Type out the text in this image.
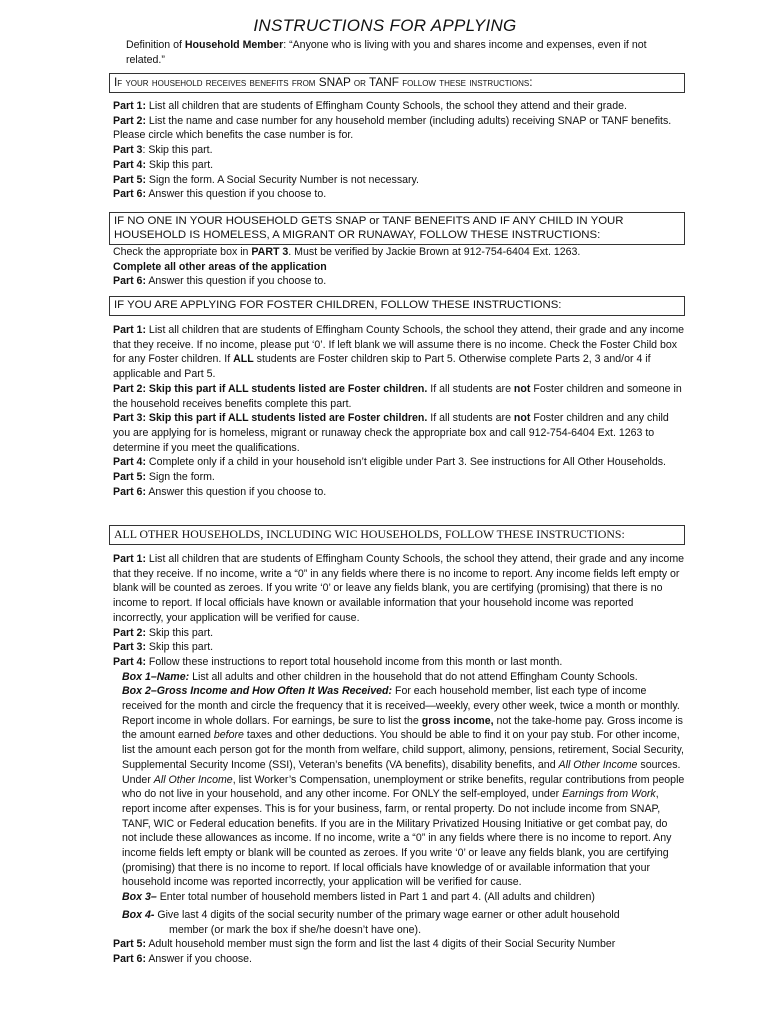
INSTRUCTIONS FOR APPLYING
Definition of Household Member: “Anyone who is living with you and shares income and expenses, even if not related.”
If your household receives benefits from SNAP or TANF follow these instructions:

Part 1: List all children that are students of Effingham County Schools, the school they attend and their grade.

Part 2: List the name and case number for any household member (including adults) receiving SNAP or TANF benefits. Please circle which benefits the case number is for.

Part 3: Skip this part.

Part 4: Skip this part.

Part 5: Sign the form. A Social Security Number is not necessary.

Part 6: Answer this question if you choose to.

IF NO ONE IN YOUR HOUSEHOLD GETS SNAP or TANF BENEFITS AND IF ANY CHILD IN YOUR HOUSEHOLD IS HOMELESS, A MIGRANT OR RUNAWAY, FOLLOW THESE INSTRUCTIONS:

Check the appropriate box in PART 3. Must be verified by Jackie Brown at 912-754-6404 Ext. 1263.

Complete all other areas of the application

Part 6: Answer this question if you choose to.

IF YOU ARE APPLYING FOR FOSTER CHILDREN, FOLLOW THESE INSTRUCTIONS:

Part 1: List all children that are students of Effingham County Schools, the school they attend, their grade and any income that they receive. If no income, please put ‘0’. If left blank we will assume there is no income. Check the Foster Child box for any Foster children. If ALL students are Foster children skip to Part 5. Otherwise complete Parts 2, 3 and/or 4 if applicable and Part 5.

Part 2: Skip this part if ALL students listed are Foster children. If all students are not Foster children and someone in the household receives benefits complete this part.

Part 3: Skip this part if ALL students listed are Foster children. If all students are not Foster children and any child you are applying for is homeless, migrant or runaway check the appropriate box and call 912-754-6404 Ext. 1263 to determine if you meet the qualifications.

Part 4: Complete only if a child in your household isn’t eligible under Part 3. See instructions for All Other Households.

Part 5: Sign the form.

Part 6: Answer this question if you choose to.

ALL OTHER HOUSEHOLDS, INCLUDING WIC HOUSEHOLDS, FOLLOW THESE INSTRUCTIONS:

Part 1: List all children that are students of Effingham County Schools, the school they attend, their grade and any income that they receive. If no income, write a “0” in any fields where there is no income to report. Any income fields left empty or blank will be counted as zeroes. If you write ‘0’ or leave any fields blank, you are certifying (promising) that there is no income to report. If local officials have known or available information that your household income was reported incorrectly, your application will be verified for cause.

Part 2: Skip this part.

Part 3: Skip this part.

Part 4: Follow these instructions to report total household income from this month or last month.

Box 1–Name: List all adults and other children in the household that do not attend Effingham County Schools.

Box 2–Gross Income and How Often It Was Received: For each household member, list each type of income received for the month and circle the frequency that it is received—weekly, every other week, twice a month or monthly. Report income in whole dollars. For earnings, be sure to list the gross income, not the take-home pay. Gross income is the amount earned before taxes and other deductions. You should be able to find it on your pay stub. For other income, list the amount each person got for the month from welfare, child support, alimony, pensions, retirement, Social Security, Supplemental Security Income (SSI), Veteran’s benefits (VA benefits), disability benefits, and All Other Income sources. Under All Other Income, list Worker’s Compensation, unemployment or strike benefits, regular contributions from people who do not live in your household, and any other income. For ONLY the self-employed, under Earnings from Work, report income after expenses. This is for your business, farm, or rental property. Do not include income from SNAP, TANF, WIC or Federal education benefits. If you are in the Military Privatized Housing Initiative or get combat pay, do not include these allowances as income. If no income, write a “0” in any fields where there is no income to report. Any income fields left empty or blank will be counted as zeroes. If you write ‘0’ or leave any fields blank, you are certifying (promising) that there is no income to report. If local officials have knowledge of or available information that your household income was reported incorrectly, your application will be verified for cause.

Box 3– Enter total number of household members listed in Part 1 and part 4. (All adults and children)

Box 4- Give last 4 digits of the social security number of the primary wage earner or other adult household

member (or mark the box if she/he doesn’t have one).

Part 5: Adult household member must sign the form and list the last 4 digits of their Social Security Number

Part 6: Answer if you choose.
